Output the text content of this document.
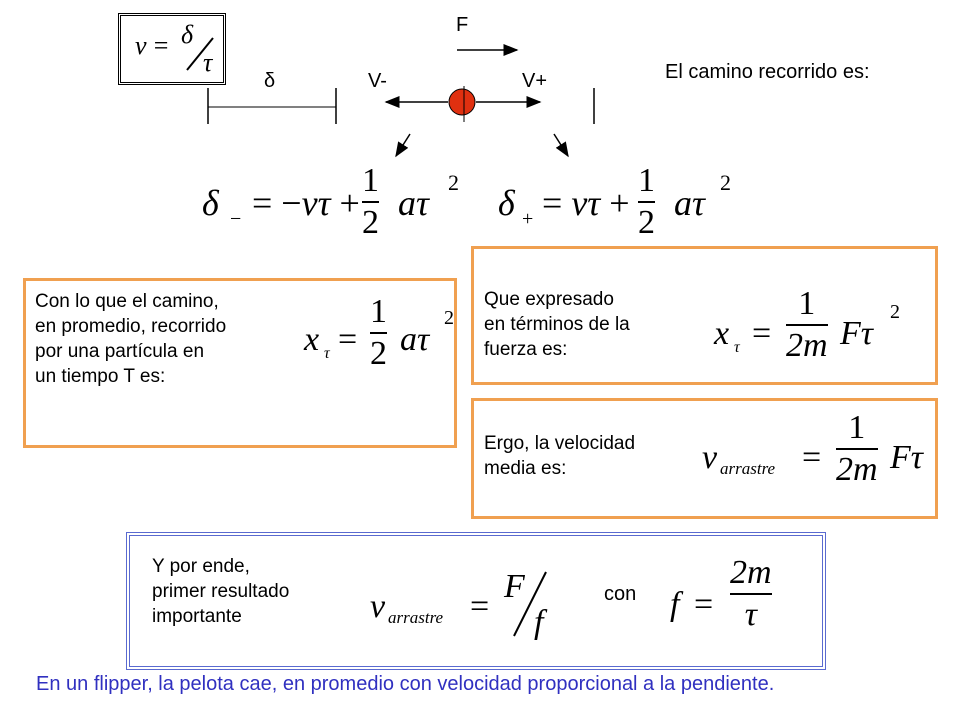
v = δ
τ
F
δ	V-	V+	El camino recorrido es:
δ − = −vτ +
1
2 aτ
2
δ + = vτ +
1
2 aτ
2
Con lo que el camino,
en promedio, recorrido
por una partícula en
un tiempo T es:
x τ =
1
2 aτ
2
Que expresado
en términos de la
fuerza es:	x τ =
1
2m Fτ
2
Ergo, la velocidad
media es:	v arrastre =
1
2m Fτ
Y por ende,
primer resultado
importante	v arrastre =
F
f
con f =
2m
τ
En un flipper, la pelota cae, en promedio con velocidad proporcional a la pendiente.
